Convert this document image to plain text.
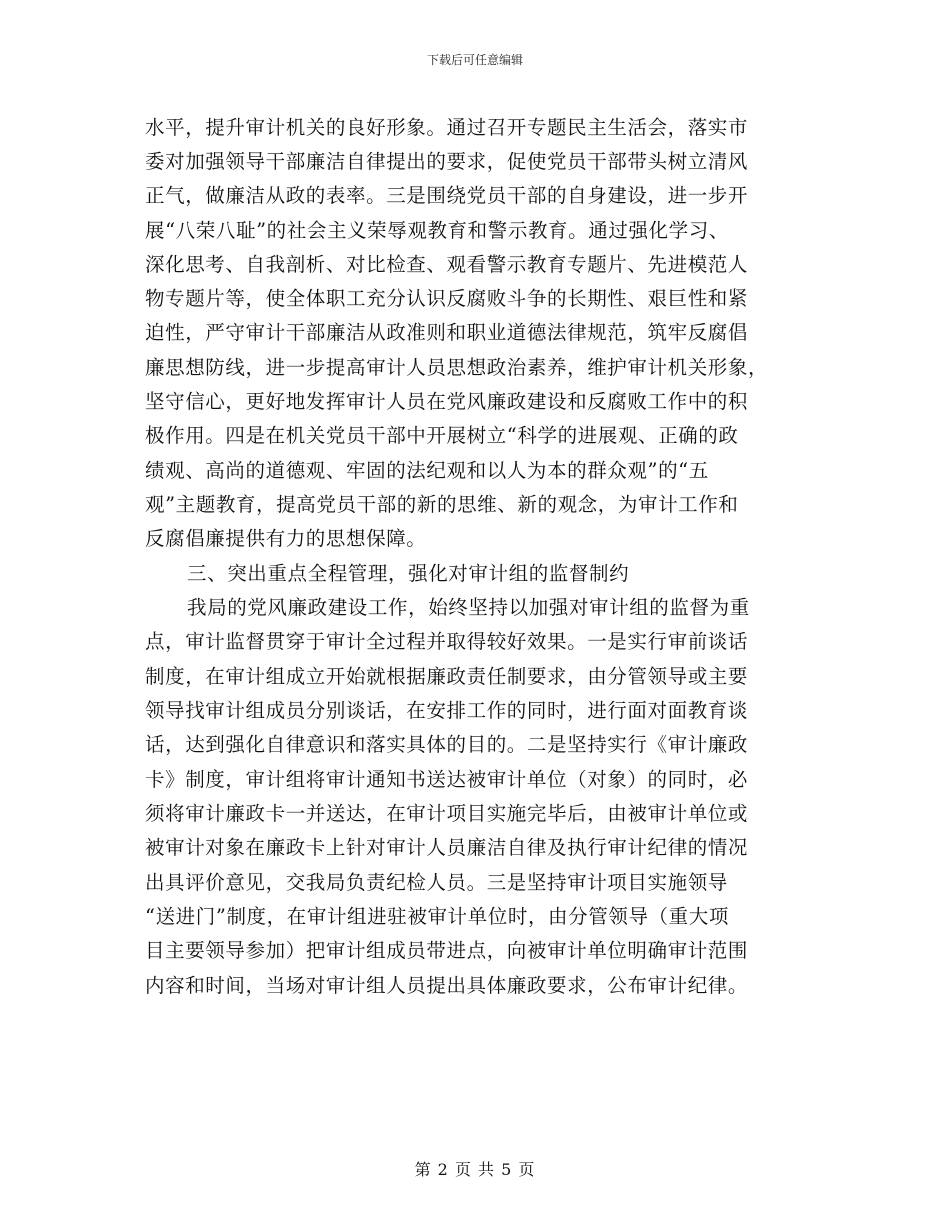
下载后可任意编辑
水平，提升审计机关的良好形象。通过召开专题民主生活会，落实市
委对加强领导干部廉洁自律提出的要求，促使党员干部带头树立清风
正气，做廉洁从政的表率。三是围绕党员干部的自身建设，进一步开
展“八荣八耻”的社会主义荣辱观教育和警示教育。通过强化学习、
深化思考、自我剖析、对比检查、观看警示教育专题片、先进模范人
物专题片等，使全体职工充分认识反腐败斗争的长期性、艰巨性和紧
迫性，严守审计干部廉洁从政准则和职业道德法律规范，筑牢反腐倡
廉思想防线，进一步提高审计人员思想政治素养，维护审计机关形象，
坚守信心，更好地发挥审计人员在党风廉政建设和反腐败工作中的积
极作用。四是在机关党员干部中开展树立“科学的进展观、正确的政
绩观、高尚的道德观、牢固的法纪观和以人为本的群众观”的“五
观”主题教育，提高党员干部的新的思维、新的观念，为审计工作和
反腐倡廉提供有力的思想保障。
三、突出重点全程管理，强化对审计组的监督制约
我局的党风廉政建设工作，始终坚持以加强对审计组的监督为重
点，审计监督贯穿于审计全过程并取得较好效果。一是实行审前谈话
制度，在审计组成立开始就根据廉政责任制要求，由分管领导或主要
领导找审计组成员分别谈话，在安排工作的同时，进行面对面教育谈
话，达到强化自律意识和落实具体的目的。二是坚持实行《审计廉政
卡》制度，审计组将审计通知书送达被审计单位（对象）的同时，必
须将审计廉政卡一并送达，在审计项目实施完毕后，由被审计单位或
被审计对象在廉政卡上针对审计人员廉洁自律及执行审计纪律的情况
出具评价意见，交我局负责纪检人员。三是坚持审计项目实施领导
“送进门”制度，在审计组进驻被审计单位时，由分管领导（重大项
目主要领导参加）把审计组成员带进点，向被审计单位明确审计范围
内容和时间，当场对审计组人员提出具体廉政要求，公布审计纪律。
第 2 页 共 5 页
